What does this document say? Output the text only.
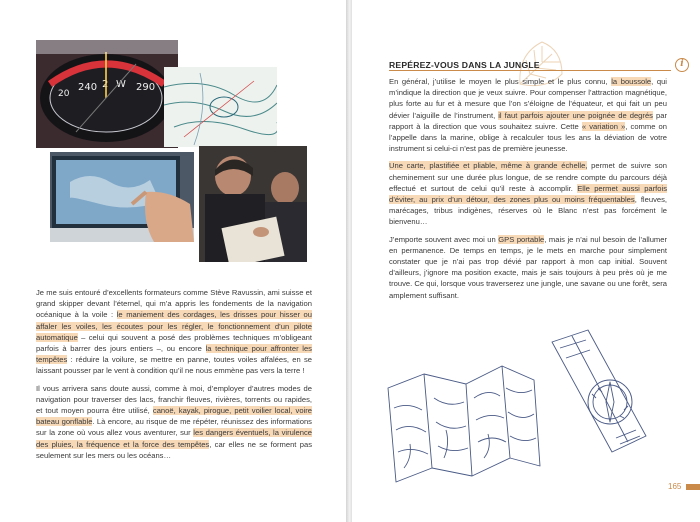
20
240 2 W 290

Je me suis entouré d’excellents formateurs comme Stève Ravussin, ami suisse et grand skipper devant l’éternel, qui m’a appris les fondements de la navigation océanique à la voile : le maniement des cordages, les drisses pour hisser ou affaler les voiles, les écoutes pour les régler, le fonctionnement d’un pilote automatique – celui qui souvent a posé des problèmes techniques m’obligeant parfois à barrer des jours entiers –, ou encore la technique pour affronter les tempêtes : réduire la voilure, se mettre en panne, toutes voiles affalées, en se laissant pousser par le vent à condition qu’il ne nous emmène pas vers la terre !

Il vous arrivera sans doute aussi, comme à moi, d’employer d’autres modes de navigation pour traverser des lacs, franchir fleuves, rivières, torrents ou rapides, et tout moyen pourra être utilisé, canoë, kayak, pirogue, petit voilier local, voire bateau gonflable. Là encore, au risque de me répéter, réunissez des informations sur la zone où vous allez vous aventurer, sur les dangers éventuels, la virulence des pluies, la fréquence et la force des tempêtes, car elles ne se forment pas seulement sur les mers ou les océans…

REPÉREZ-VOUS DANS LA JUNGLE	i

En général, j’utilise le moyen le plus simple et le plus connu, la boussole, qui m’indique la direction que je veux suivre. Pour compenser l’attraction magnétique, plus forte au fur et à mesure que l’on s’éloigne de l’équateur, et qui fait un peu dévier l’aiguille de l’instrument, il faut parfois ajouter une poignée de degrés par rapport à la direction que vous souhaitez suivre. Cette « variation », comme on l’appelle dans la marine, oblige à recalculer tous les ans la déviation de votre instrument si celui-ci n’est pas de première jeunesse.

Une carte, plastifiée et pliable, même à grande échelle, permet de suivre son cheminement sur une durée plus longue, de se rendre compte du parcours déjà effectué et surtout de celui qu’il reste à accomplir. Elle permet aussi parfois d’éviter, au prix d’un détour, des zones plus ou moins fréquentables, fleuves, marécages, tribus indigènes, réserves où le Blanc n’est pas forcément le bienvenu…

J’emporte souvent avec moi un GPS portable, mais je n’ai nul besoin de l’allumer en permanence. De temps en temps, je le mets en marche pour simplement constater que je n’ai pas trop dévié par rapport à mon cap initial. Souvent d’ailleurs, j’ignore ma position exacte, mais je sais toujours à peu près où je me trouve. Ce qui, lorsque vous traverserez une jungle, une savane ou une forêt, sera amplement suffisant.

165
